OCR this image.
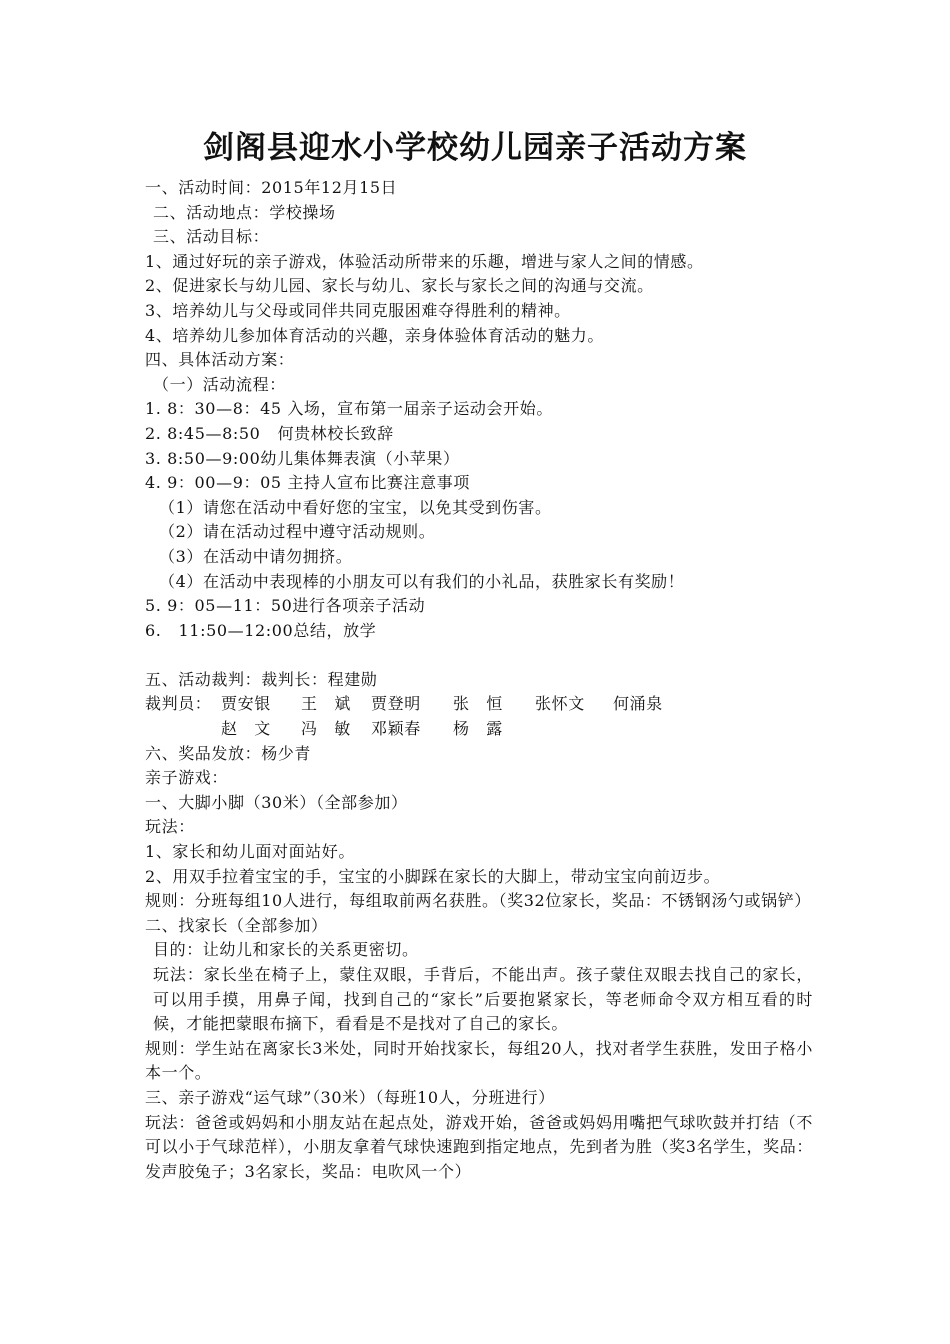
剑阁县迎水小学校幼儿园亲子活动方案
一、活动时间：2015年12月15日
二、活动地点：学校操场
三、活动目标：
1、通过好玩的亲子游戏，体验活动所带来的乐趣，增进与家人之间的情感。
2、促进家长与幼儿园、家长与幼儿、家长与家长之间的沟通与交流。
3、培养幼儿与父母或同伴共同克服困难夺得胜利的精神。
4、培养幼儿参加体育活动的兴趣，亲身体验体育活动的魅力。
四、具体活动方案：
（一）活动流程：
1. 8：30—8：45 入场，宣布第一届亲子运动会开始。
2. 8:45—8:50   何贵林校长致辞
3. 8:50—9:00幼儿集体舞表演（小苹果）
4. 9：00—9：05 主持人宣布比赛注意事项
（1）请您在活动中看好您的宝宝，以免其受到伤害。
（2）请在活动过程中遵守活动规则。
（3）在活动中请勿拥挤。
（4）在活动中表现棒的小朋友可以有我们的小礼品，获胜家长有奖励！
5. 9：05—11：50进行各项亲子活动
6.   11:50—12:00总结，放学
五、活动裁判：裁判长：程建勋
裁判员： 贾安银	王　斌	贾登明	张　恒	张怀文	何涌泉
赵　文	冯　敏	邓颖春	杨　露
六、奖品发放：杨少青
亲子游戏：
一、大脚小脚（30米）（全部参加）
玩法：
1、家长和幼儿面对面站好。
2、用双手拉着宝宝的手，宝宝的小脚踩在家长的大脚上，带动宝宝向前迈步。
规则：分班每组10人进行，每组取前两名获胜。（奖32位家长，奖品：不锈钢汤勺或锅铲）
二、找家长（全部参加）
目的：让幼儿和家长的关系更密切。
玩法：家长坐在椅子上，蒙住双眼，手背后，不能出声。孩子蒙住双眼去找自己的家长，可以用手摸，用鼻子闻，找到自己的“家长”后要抱紧家长，等老师命令双方相互看的时候，才能把蒙眼布摘下，看看是不是找对了自己的家长。
规则：学生站在离家长3米处，同时开始找家长，每组20人，找对者学生获胜，发田子格小本一个。
三、亲子游戏“运气球”（30米）（每班10人，分班进行）
玩法：爸爸或妈妈和小朋友站在起点处，游戏开始，爸爸或妈妈用嘴把气球吹鼓并打结（不可以小于气球范样），小朋友拿着气球快速跑到指定地点，先到者为胜（奖3名学生，奖品：发声胶兔子；3名家长，奖品：电吹风一个）
